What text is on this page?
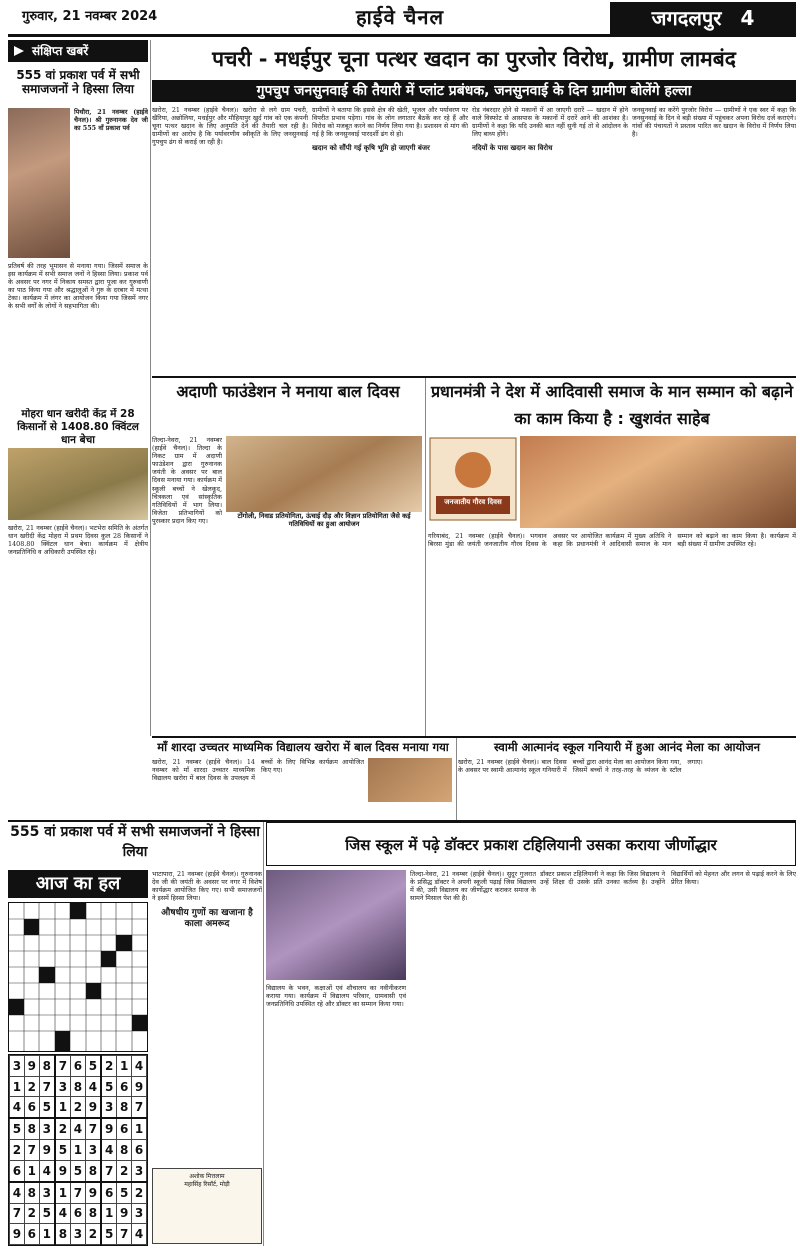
गुरुवार, 21 नवम्बर 2024	हाईवे चैनल	जगदलपुर 4
संक्षिप्त खबरें
555 वां प्रकाश पर्व में सभी समाजजनों ने हिस्सा लिया
पिथौरा, 21 नवम्बर (हाईवे चैनल)। श्री गुरुनानक देव जी का 555 वाँ प्रकाश पर्व
प्रतिवर्ष की तरह भूमासन से मनाया गया। जिसमें समाज के इस कार्यक्रम में सभी समाज जनों ने हिस्सा लिया। प्रकाश पर्व के अवसर पर नगर में निकाय समस्त द्वारा पूजा कर गुरुवाणी का पाठ किया गया और श्रद्धालुओं ने गुरु के दरबार में मत्था टेका। कार्यक्रम में लंगर का आयोजन किया गया जिसमें नगर के सभी वर्गों के लोगों ने सहभागिता की।
मोहरा धान खरीदी केंद्र में 28 किसानों से 1408.80 क्विंटल धान बेचा
खरोरा, 21 नवम्बर (हाईवे चैनल)। भटभेरा समिति के अंतर्गत धान खरीदी केंद्र मोहरा में प्रथम दिवस कुल 28 किसानों ने 1408.80 क्विंटल धान बेचा। कार्यक्रम में क्षेत्रीय जनप्रतिनिधि व अधिकारी उपस्थित रहे।
पचरी - मधईपुर चूना पत्थर खदान का पुरजोर विरोध, ग्रामीण लामबंद
गुपचुप जनसुनवाई की तैयारी में प्लांट प्रबंधक, जनसुनवाई के दिन ग्रामीण बोलेंगे हल्ला
खरोरा, 21 नवम्बर (हाईवे चैनल)। खरोरा से लगे ग्राम पचरी, खैरिया, अछोलिया, मधईपुर और मौहियापुर खुर्द गांव को एक कंपनी चूना पत्थर खदान के लिए अनुमति देने की तैयारी चल रही है। ग्रामीणों का आरोप है कि पर्यावरणीय स्वीकृति के लिए जनसुनवाई गुपचुप ढंग से कराई जा रही है।
ग्रामीणों ने बताया कि इससे क्षेत्र की खेती, भूजल और पर्यावरण पर विपरीत प्रभाव पड़ेगा। गांव के लोग लगातार बैठकें कर रहे हैं और विरोध को मजबूत करने का निर्णय लिया गया है। प्रशासन से मांग की गई है कि जनसुनवाई पारदर्शी ढंग से हो।
खदान को सौंपी गई कृषि भूमि हो जाएगी बंजर
रोड नंबरदार होने से मकानों में आ जाएगी दरारें — खदान में होने वाले विस्फोट से आसपास के मकानों में दरारें आने की आशंका है। ग्रामीणों ने कहा कि यदि उनकी बात नहीं सुनी गई तो वे आंदोलन के लिए बाध्य होंगे।
नदियों के पास खदान का विरोध
जनसुनवाई का करेंगे पुरजोर विरोध — ग्रामीणों ने एक स्वर में कहा कि जनसुनवाई के दिन वे बड़ी संख्या में पहुंचकर अपना विरोध दर्ज कराएंगे। गांवों की पंचायतों ने प्रस्ताव पारित कर खदान के विरोध में निर्णय लिया है।
अदाणी फाउंडेशन ने मनाया बाल दिवस
तिल्दा-नेवरा, 21 नवम्बर (हाईवे चैनल)। तिल्दा के निकट ग्राम में अदाणी फाउंडेशन द्वारा गुरुनानक जयंती के अवसर पर बाल दिवस मनाया गया। कार्यक्रम में स्कूली बच्चों ने खेलकूद, चित्रकला एवं सांस्कृतिक गतिविधियों में भाग लिया। विजेता प्रतिभागियों को पुरस्कार प्रदान किए गए।
टोंगोली, निवाड प्रतियोगिता, ऊंचाई दौड़ और विज्ञान प्रतियोगिता जैसे कई गतिविधियों का हुआ आयोजन
प्रधानमंत्री ने देश में आदिवासी समाज के मान सम्मान को बढ़ाने का काम किया है : खुशवंत साहेब
जनजातीय गौरव दिवस
गरियाबंद, 21 नवम्बर (हाईवे चैनल)। भगवान बिरसा मुंडा की जयंती जनजातीय गौरव दिवस के अवसर पर आयोजित कार्यक्रम में मुख्य अतिथि ने कहा कि प्रधानमंत्री ने आदिवासी समाज के मान सम्मान को बढ़ाने का काम किया है। कार्यक्रम में बड़ी संख्या में ग्रामीण उपस्थित रहे।
माँ शारदा उच्चतर माध्यमिक विद्यालय खरोरा में बाल दिवस मनाया गया
खरोरा, 21 नवम्बर (हाईवे चैनल)। 14 नवम्बर को माँ शारदा उच्चतर माध्यमिक विद्यालय खरोरा में बाल दिवस के उपलक्ष्य में बच्चों के लिए विभिन्न कार्यक्रम आयोजित किए गए।
स्वामी आत्मानंद स्कूल गनियारी में हुआ आनंद मेला का आयोजन
खरोरा, 21 नवम्बर (हाईवे चैनल)। बाल दिवस के अवसर पर स्वामी आत्मानंद स्कूल गनियारी में बच्चों द्वारा आनंद मेला का आयोजन किया गया, जिसमें बच्चों ने तरह-तरह के व्यंजन के स्टॉल लगाए।
555 वां प्रकाश पर्व में सभी समाजजनों ने हिस्सा लिया
आज का हल
3	9	8	7	6	5	2	1	4
1	2	7	3	8	4	5	6	9
4	6	5	1	2	9	3	8	7
5	8	3	2	4	7	9	6	1
2	7	9	5	1	3	4	8	6
6	1	4	9	5	8	7	2	3
4	8	3	1	7	9	6	5	2
7	2	5	4	6	8	1	9	3
9	6	1	8	3	2	5	7	4
भाटापारा, 21 नवम्बर (हाईवे चैनल)। गुरुनानक देव जी की जयंती के अवसर पर नगर में विशेष कार्यक्रम आयोजित किए गए। सभी समाजजनों ने इसमें हिस्सा लिया।
औषधीय गुणों का खजाना है काला अमरूद
अशोक मित्तलाम
महासिंह रिसॉर्ट, मोड़ी
जिस स्कूल में पढ़े डॉक्टर प्रकाश टहिलियानी उसका कराया जीर्णोद्धार
तिल्दा-नेवरा, 21 नवम्बर (हाईवे चैनल)। सुदूर गुजरात के प्रसिद्ध डॉक्टर ने अपनी स्कूली पढ़ाई जिस विद्यालय में की, उसी विद्यालय का जीर्णोद्धार कराकर समाज के सामने मिसाल पेश की है।
विद्यालय के भवन, कक्षाओं एवं शौचालय का नवीनीकरण कराया गया। कार्यक्रम में विद्यालय परिवार, ग्रामवासी एवं जनप्रतिनिधि उपस्थित रहे और डॉक्टर का सम्मान किया गया।
डॉक्टर प्रकाश टहिलियानी ने कहा कि जिस विद्यालय ने उन्हें शिक्षा दी उसके प्रति उनका कर्तव्य है। उन्होंने विद्यार्थियों को मेहनत और लगन से पढ़ाई करने के लिए प्रेरित किया।
